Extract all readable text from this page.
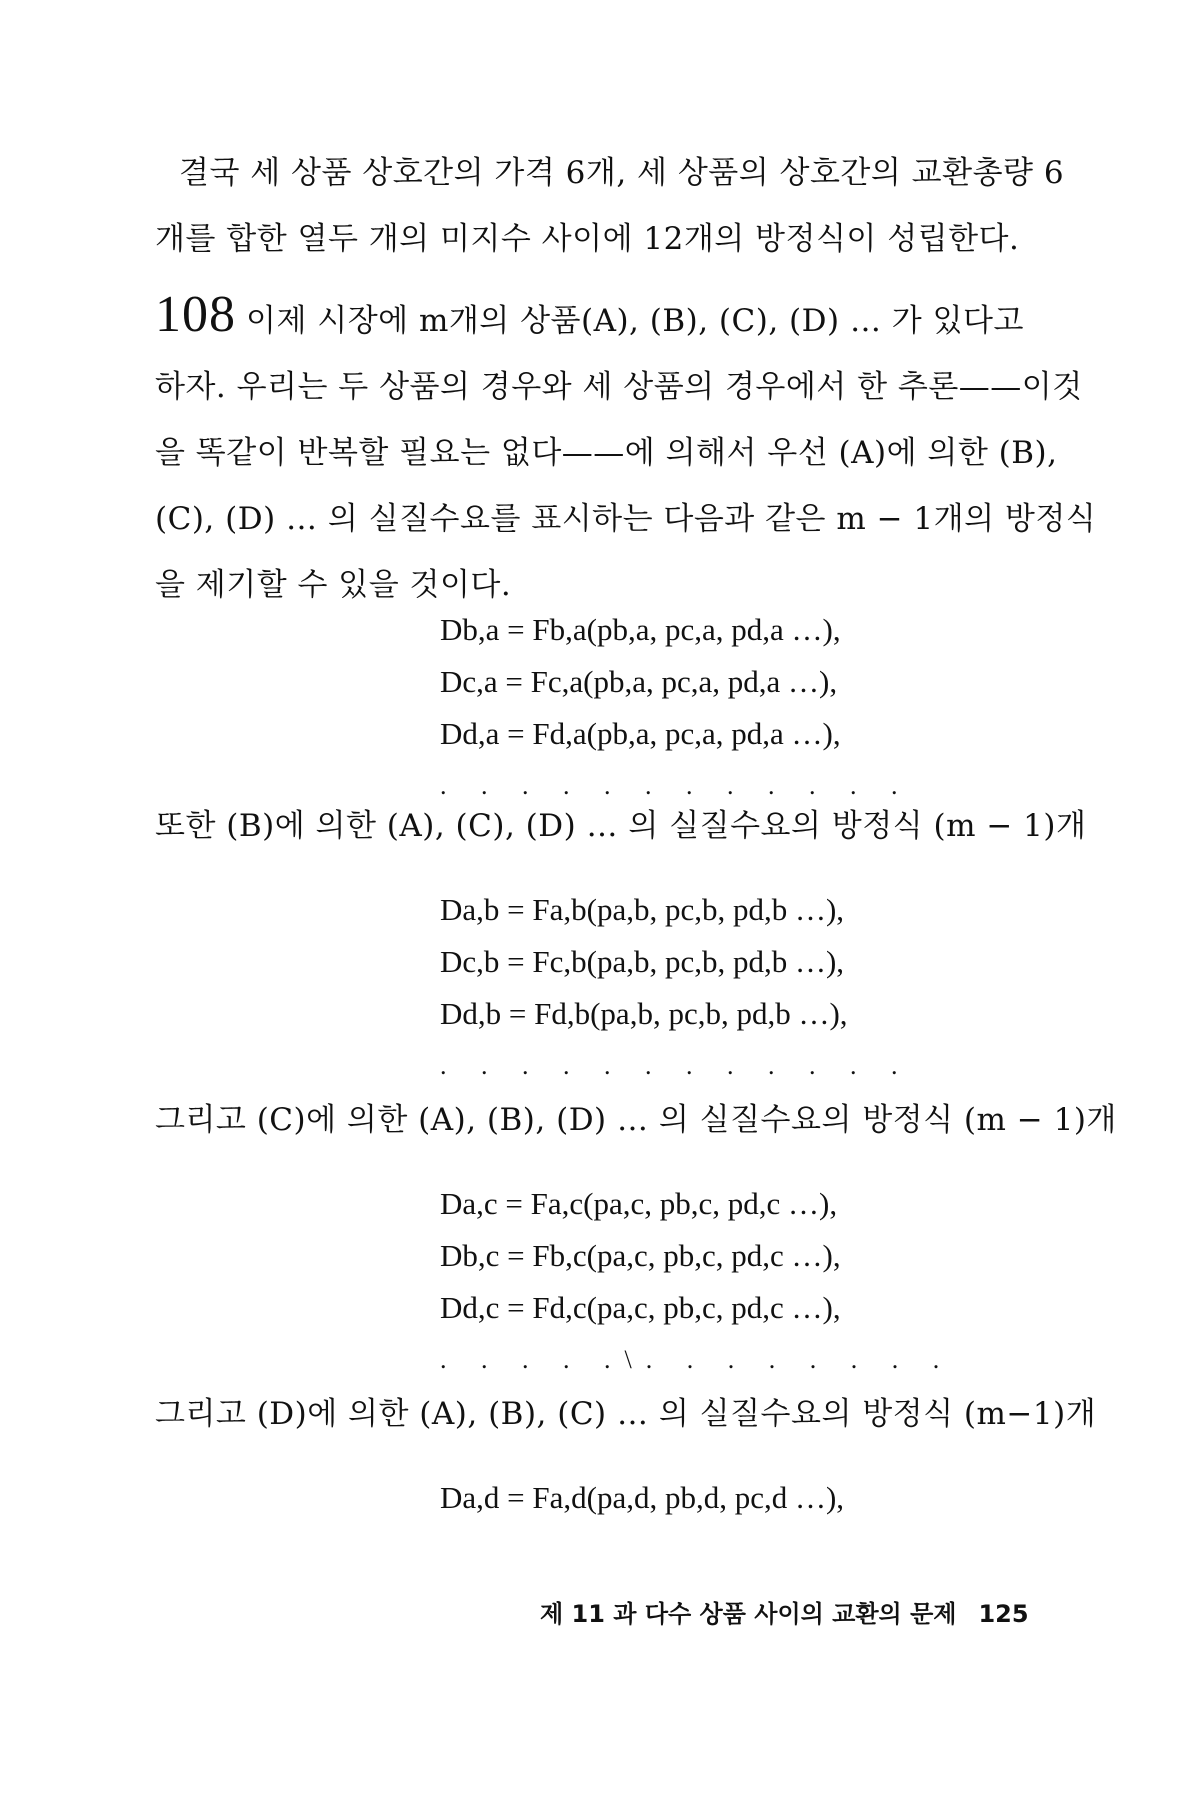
결국 세 상품 상호간의 가격 6개, 세 상품의 상호간의 교환총량 6
개를 합한 열두 개의 미지수 사이에 12개의 방정식이 성립한다.
108 이제 시장에 m개의 상품(A), (B), (C), (D) … 가 있다고
하자. 우리는 두 상품의 경우와 세 상품의 경우에서 한 추론——이것
을 똑같이 반복할 필요는 없다——에 의해서 우선 (A)에 의한 (B),
(C), (D) … 의 실질수요를 표시하는 다음과 같은 m − 1개의 방정식
을 제기할 수 있을 것이다.
Db,a = Fb,a(pb,a, pc,a, pd,a …),
Dc,a = Fc,a(pb,a, pc,a, pd,a …),
Dd,a = Fd,a(pb,a, pc,a, pd,a …),
. . . . . . . . . . . .
또한 (B)에 의한 (A), (C), (D) … 의 실질수요의 방정식 (m − 1)개
Da,b = Fa,b(pa,b, pc,b, pd,b …),
Dc,b = Fc,b(pa,b, pc,b, pd,b …),
Dd,b = Fd,b(pa,b, pc,b, pd,b …),
. . . . . . . . . . . .
그리고 (C)에 의한 (A), (B), (D) … 의 실질수요의 방정식 (m − 1)개
Da,c = Fa,c(pa,c, pb,c, pd,c …),
Db,c = Fb,c(pa,c, pb,c, pd,c …),
Dd,c = Fd,c(pa,c, pb,c, pd,c …),
. . . . .\. . . . . . . .
그리고 (D)에 의한 (A), (B), (C) … 의 실질수요의 방정식 (m−1)개
Da,d = Fa,d(pa,d, pb,d, pc,d …),
제 11 과 다수 상품 사이의 교환의 문제 125
